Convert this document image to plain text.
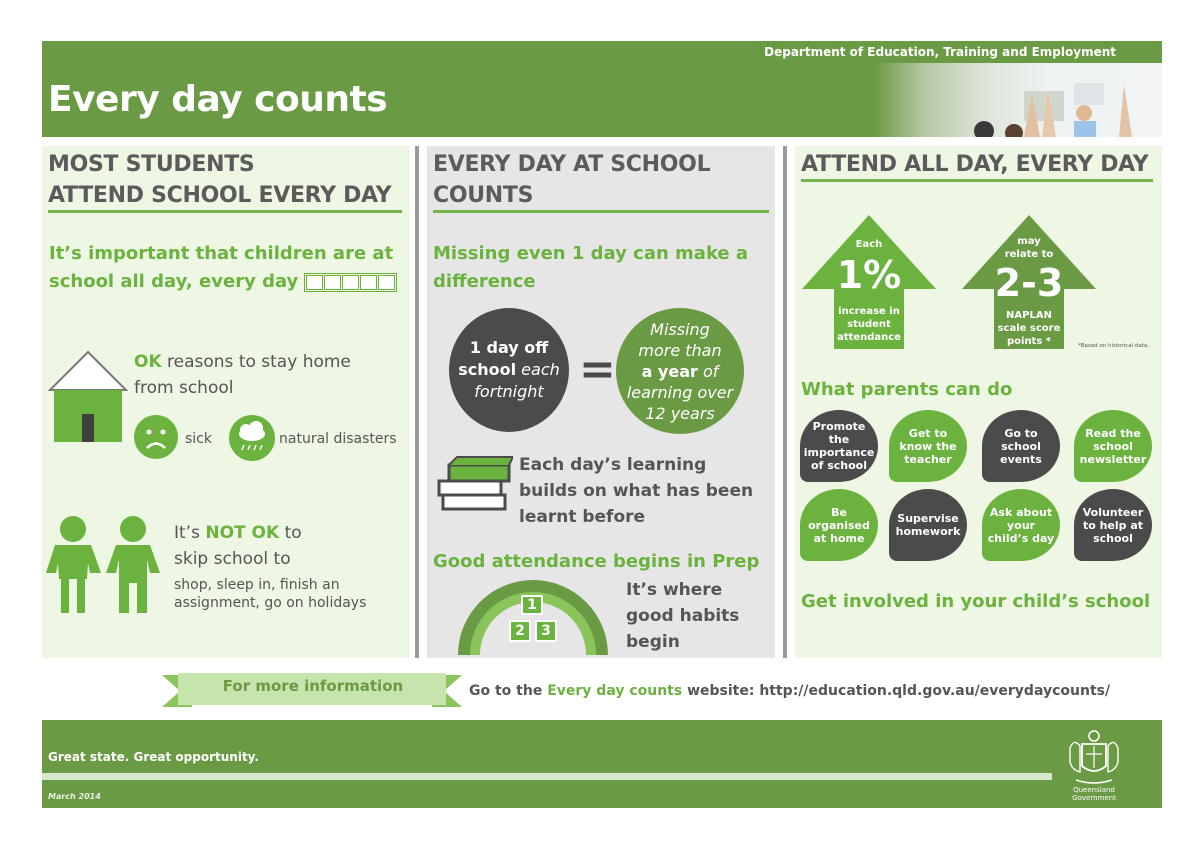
Department of Education, Training and Employment
Every day counts
MOST STUDENTS
ATTEND SCHOOL EVERY DAY
It’s important that children are at
school all day, every day
OK reasons to stay home
from school
sick	natural disasters
It’s NOT OK to
skip school to
shop, sleep in, finish an
assignment, go on holidays
EVERY DAY AT SCHOOL
COUNTS
Missing even 1 day can make a
difference
1 day off
school each
fortnight =
Missing
more than
a year of
learning over
12 years
Each day’s learning
builds on what has been
learnt before
Good attendance begins in Prep
1
2	3
It’s where
good habits
begin
ATTEND ALL DAY, EVERY DAY
Each
1%
increase in student attendance
may relate to
2-3
NAPLAN scale score points *	*Based on historical data.
What parents can do
Promote the importance of school
Get to know the teacher
Go to school events
Read the school newsletter
Be organised at home
Supervise homework
Ask about your child’s day
Volunteer to help at school
Get involved in your child’s school
For more information	Go to the Every day counts website: http://education.qld.gov.au/everydaycounts/
Great state. Great opportunity.
March 2014
Queensland
Government
